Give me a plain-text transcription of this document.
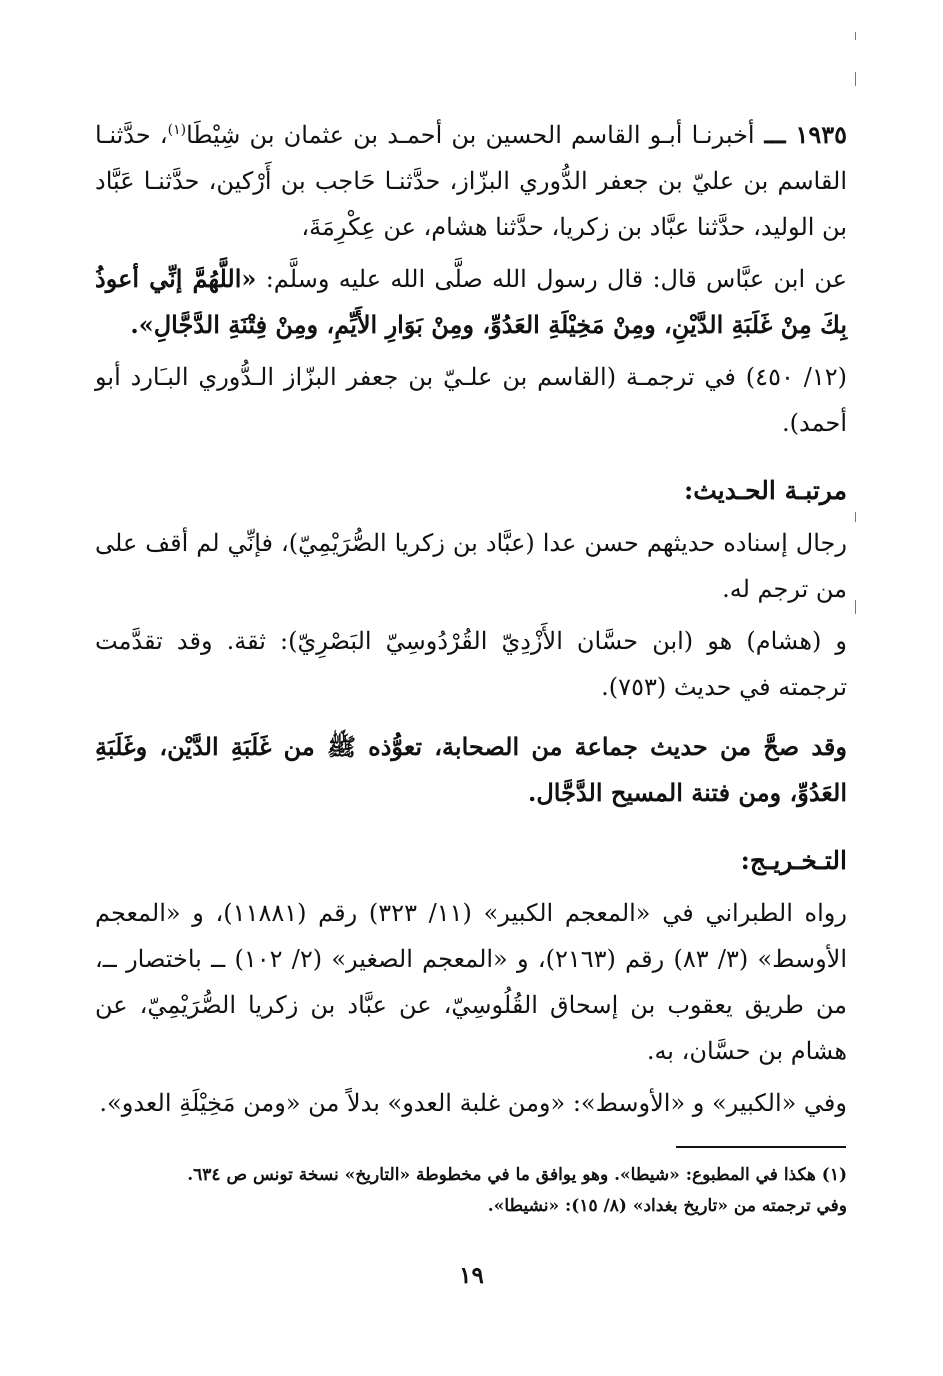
١٩٣٥ ـــ أخبرنـا أبـو القاسم الحسين بن أحمـد بن عثمان بن شِيْطَا$^{(١)}$، حدَّثنـا القاسم بن عليّ بن جعفر الدُّوري البزّاز، حدَّثنـا حَاجب بن أَرْكين، حدَّثنـا عَبَّاد بن الوليد، حدَّثنا عبَّاد بن زكريا، حدَّثنا هشام، عن عِكْرِمَةَ،

عن ابن عبَّاس قال: قال رسول الله صلَّى الله عليه وسلَّم: «اللَّهُمَّ إنِّي أعوذُ بِكَ مِنْ غَلَبَةِ الدَّيْنِ، ومِنْ مَخِيْلَةِ العَدُوِّ، ومِنْ بَوَارِ الأَيِّمِ، ومِنْ فِتْنَةِ الدَّجَّالِ».

(١٢/ ٤٥٠) في ترجمـة (القاسم بن علـيّ بن جعفر البزّاز الـدُّوري البـَارد أبو أحمد).

مرتبـة الحـديث:

رجال إسناده حديثهم حسن عدا (عبَّاد بن زكريا الصُّرَيْمِيّ)، فإنِّي لم أقف على من ترجم له.

و (هشام) هو (ابن حسَّان الأَزْدِيّ القُرْدُوسِيّ البَصْرِيّ): ثقة. وقد تقدَّمت ترجمته في حديث (٧٥٣).

وقد صحَّ من حديث جماعة من الصحابة، تعوُّذه ﷺ من غَلَبَةِ الدَّيْن، وغَلَبَةِ العَدُوِّ، ومن فتنة المسيح الدَّجَّال.

التـخـريـج:

رواه الطبراني في «المعجم الكبير» (١١/ ٣٢٣) رقم (١١٨٨١)، و «المعجم الأوسط» (٣/ ٨٣) رقم (٢١٦٣)، و «المعجم الصغير» (٢/ ١٠٢) ــ باختصار ــ، من طريق يعقوب بن إسحاق القُلُوسِيّ، عن عبَّاد بن زكريا الصُّرَيْمِيّ، عن هشام بن حسَّان، به.

وفي «الكبير» و «الأوسط»: «ومن غلبة العدو» بدلاً من «ومن مَخِيْلَةِ العدو».

(١) هكذا في المطبوع: «شيطا». وهو يوافق ما في مخطوطة «التاريخ» نسخة تونس ص ٦٣٤.
وفي ترجمته من «تاريخ بغداد» (٨/ ١٥): «نشيطا».
١٩
